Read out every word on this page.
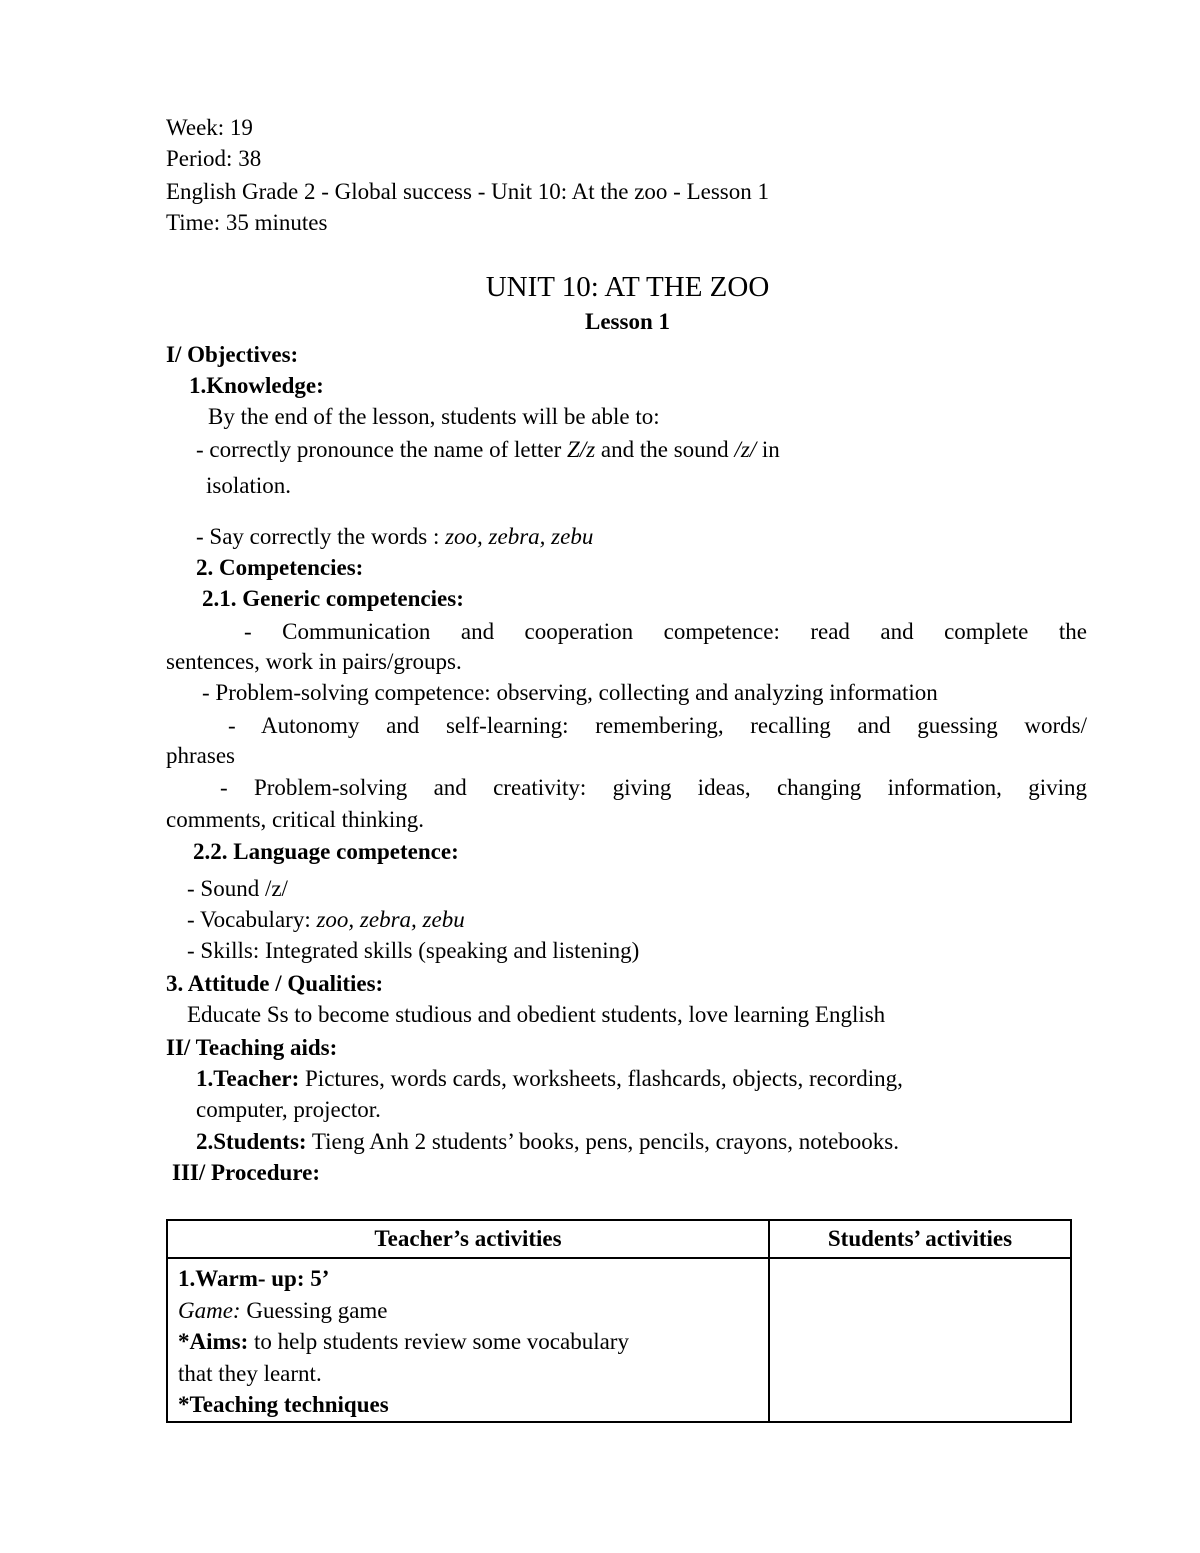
Week: 19
Period: 38
English Grade 2 - Global success - Unit 10: At the zoo - Lesson 1
Time: 35 minutes
UNIT 10: AT THE ZOO
Lesson 1
I/ Objectives:
1.Knowledge:
By the end of the lesson, students will be able to:
- correctly pronounce the name of letter Z/z and the sound /z/ in
isolation.
- Say correctly the words : zoo, zebra, zebu
2. Competencies:
2.1. Generic competencies:
- Communication and cooperation competence: read and complete the
sentences, work in pairs/groups.
- Problem-solving competence: observing, collecting and analyzing information
- Autonomy and self-learning: remembering, recalling and guessing words/
phrases
- Problem-solving and creativity: giving ideas, changing information, giving
comments, critical thinking.
2.2. Language competence:
- Sound /z/
- Vocabulary: zoo, zebra, zebu
- Skills: Integrated skills (speaking and listening)
3. Attitude / Qualities:
Educate Ss to become studious and obedient students, love learning English
II/ Teaching aids:
1.Teacher: Pictures, words cards, worksheets, flashcards, objects, recording,
computer, projector.
2.Students: Tieng Anh 2 students’ books, pens, pencils, crayons, notebooks.
III/ Procedure:
Teacher’s activities	Students’ activities

1.Warm- up: 5’
Game: Guessing game
*Aims: to help students review some vocabulary
that they learnt.
*Teaching techniques	
